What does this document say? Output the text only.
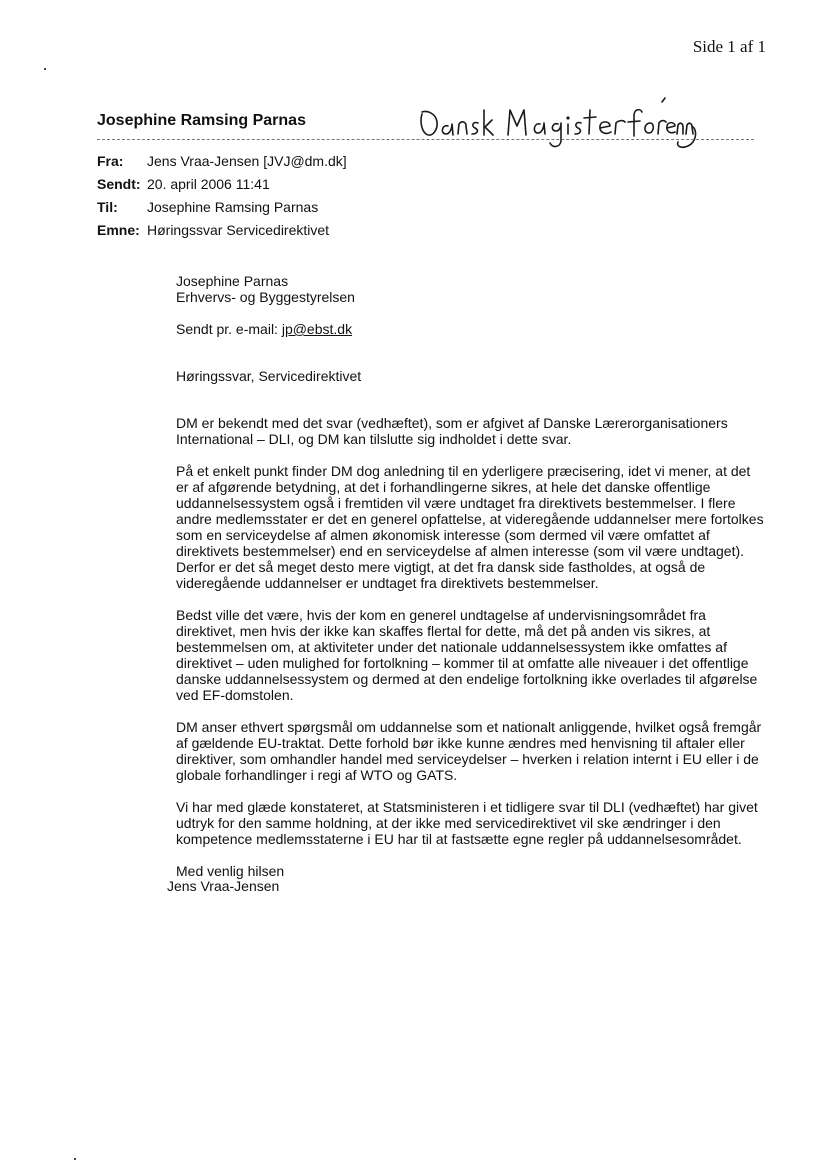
Side 1 af 1
Josephine Ramsing Parnas
Fra:	Jens Vraa-Jensen [JVJ@dm.dk]
Sendt: 20. april 2006 11:41
Til:	Josephine Ramsing Parnas
Emne: Høringssvar Servicedirektivet

Josephine Parnas
Erhvervs- og Byggestyrelsen

Sendt pr. e-mail: jp@ebst.dk

Høringssvar, Servicedirektivet

DM er bekendt med det svar (vedhæftet), som er afgivet af Danske Lærerorganisationers International – DLI, og DM kan tilslutte sig indholdet i dette svar.

På et enkelt punkt finder DM dog anledning til en yderligere præcisering, idet vi mener, at det er af afgørende betydning, at det i forhandlingerne sikres, at hele det danske offentlige uddannelsessystem også i fremtiden vil være undtaget fra direktivets bestemmelser. I flere andre medlemsstater er det en generel opfattelse, at videregående uddannelser mere fortolkes som en serviceydelse af almen økonomisk interesse (som dermed vil være omfattet af direktivets bestemmelser) end en serviceydelse af almen interesse (som vil være undtaget). Derfor er det så meget desto mere vigtigt, at det fra dansk side fastholdes, at også de videregående uddannelser er undtaget fra direktivets bestemmelser.

Bedst ville det være, hvis der kom en generel undtagelse af undervisningsområdet fra direktivet, men hvis der ikke kan skaffes flertal for dette, må det på anden vis sikres, at bestemmelsen om, at aktiviteter under det nationale uddannelsessystem ikke omfattes af direktivet – uden mulighed for fortolkning – kommer til at omfatte alle niveauer i det offentlige danske uddannelsessystem og dermed at den endelige fortolkning ikke overlades til afgørelse ved EF-domstolen.

DM anser ethvert spørgsmål om uddannelse som et nationalt anliggende, hvilket også fremgår af gældende EU-traktat. Dette forhold bør ikke kunne ændres med henvisning til aftaler eller direktiver, som omhandler handel med serviceydelser – hverken i relation internt i EU eller i de globale forhandlinger i regi af WTO og GATS.

Vi har med glæde konstateret, at Statsministeren i et tidligere svar til DLI (vedhæftet) har givet udtryk for den samme holdning, at der ikke med servicedirektivet vil ske ændringer i den kompetence medlemsstaterne i EU har til at fastsætte egne regler på uddannelsesområdet.

Med venlig hilsen

Jens Vraa-Jensen
